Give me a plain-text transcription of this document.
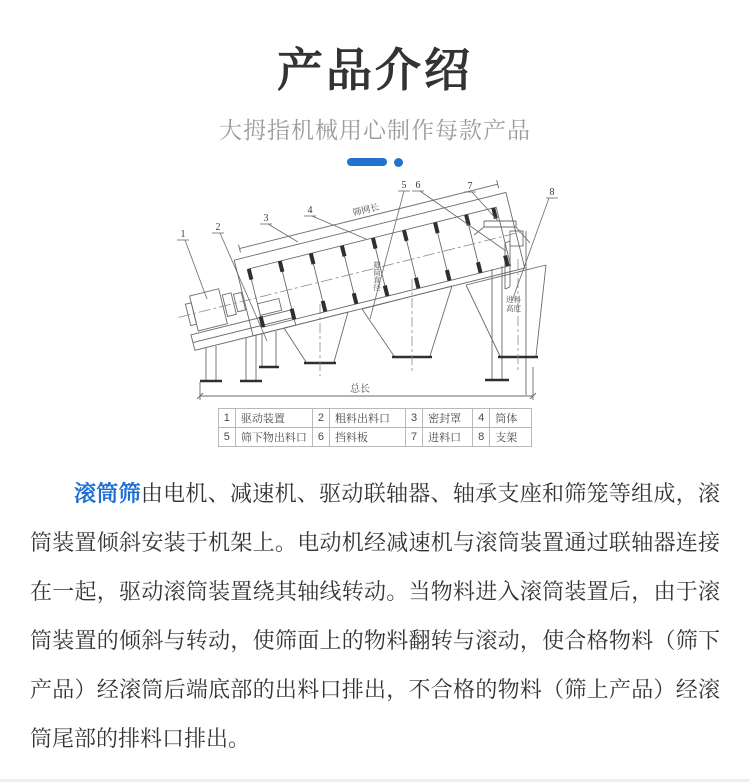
产品介绍
大拇指机械用心制作每款产品
筛网长
1
2
3
4
5 6	7
8
总长
筛筒直径
进料
高度
1	驱动装置	2	粗料出料口	3	密封罩	4	筒体
5	筛下物出料口	6	挡料板	7	进料口	8	支架

滚筒筛由电机、减速机、驱动联轴器、轴承支座和筛笼等组成，滚筒装置倾斜安装于机架上。电动机经减速机与滚筒装置通过联轴器连接在一起，驱动滚筒装置绕其轴线转动。当物料进入滚筒装置后，由于滚筒装置的倾斜与转动，使筛面上的物料翻转与滚动，使合格物料（筛下产品）经滚筒后端底部的出料口排出，不合格的物料（筛上产品）经滚筒尾部的排料口排出。
